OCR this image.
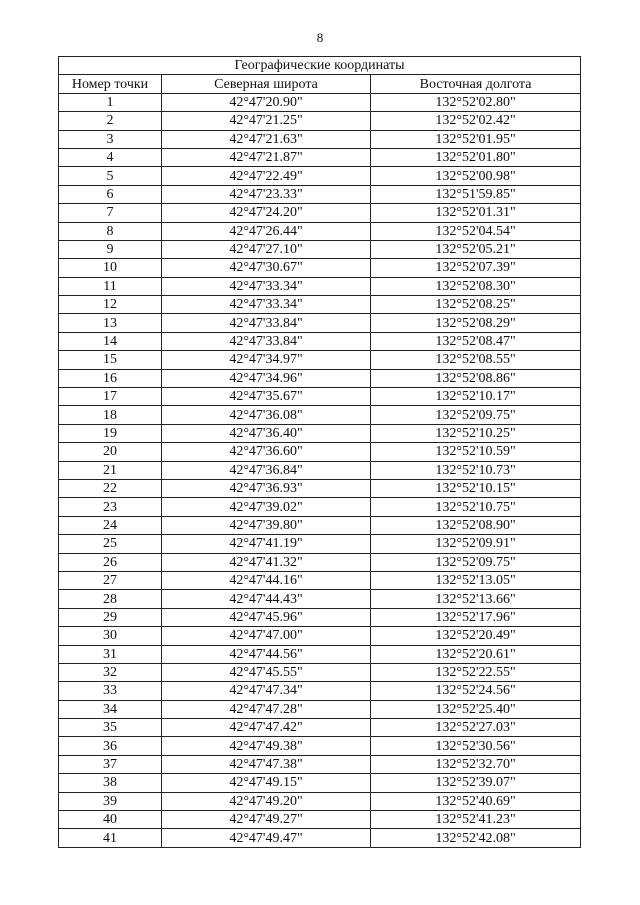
8
Географические координаты		
Номер точки	Северная широта	Восточная долгота
1	42°47'20.90"	132°52'02.80"
2	42°47'21.25"	132°52'02.42"
3	42°47'21.63"	132°52'01.95"
4	42°47'21.87"	132°52'01.80"
5	42°47'22.49"	132°52'00.98"
6	42°47'23.33"	132°51'59.85"
7	42°47'24.20"	132°52'01.31"
8	42°47'26.44"	132°52'04.54"
9	42°47'27.10"	132°52'05.21"
10	42°47'30.67"	132°52'07.39"
11	42°47'33.34"	132°52'08.30"
12	42°47'33.34"	132°52'08.25"
13	42°47'33.84"	132°52'08.29"
14	42°47'33.84"	132°52'08.47"
15	42°47'34.97"	132°52'08.55"
16	42°47'34.96"	132°52'08.86"
17	42°47'35.67"	132°52'10.17"
18	42°47'36.08"	132°52'09.75"
19	42°47'36.40"	132°52'10.25"
20	42°47'36.60"	132°52'10.59"
21	42°47'36.84"	132°52'10.73"
22	42°47'36.93"	132°52'10.15"
23	42°47'39.02"	132°52'10.75"
24	42°47'39.80"	132°52'08.90"
25	42°47'41.19"	132°52'09.91"
26	42°47'41.32"	132°52'09.75"
27	42°47'44.16"	132°52'13.05"
28	42°47'44.43"	132°52'13.66"
29	42°47'45.96"	132°52'17.96"
30	42°47'47.00"	132°52'20.49"
31	42°47'44.56"	132°52'20.61"
32	42°47'45.55"	132°52'22.55"
33	42°47'47.34"	132°52'24.56"
34	42°47'47.28"	132°52'25.40"
35	42°47'47.42"	132°52'27.03"
36	42°47'49.38"	132°52'30.56"
37	42°47'47.38"	132°52'32.70"
38	42°47'49.15"	132°52'39.07"
39	42°47'49.20"	132°52'40.69"
40	42°47'49.27"	132°52'41.23"
41	42°47'49.47"	132°52'42.08"
